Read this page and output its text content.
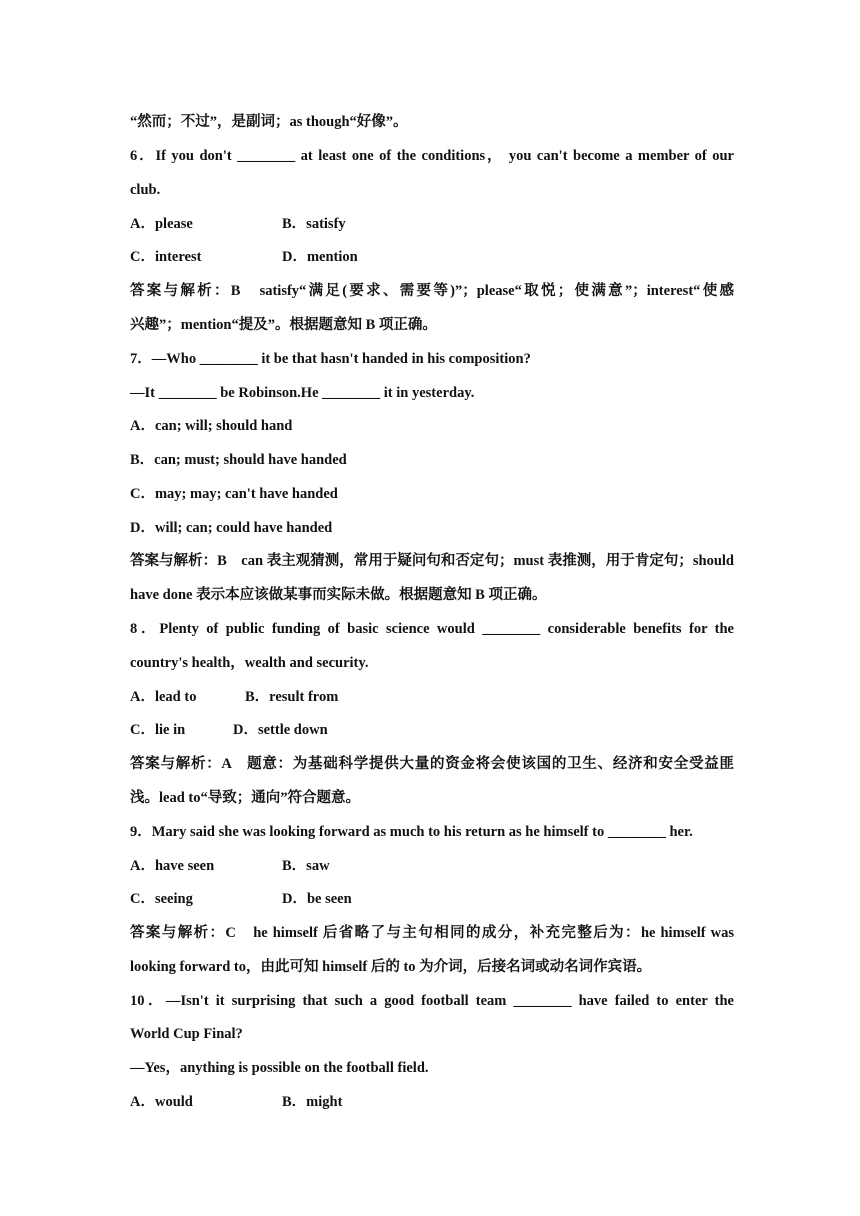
“然而；不过”，是副词；as though“好像”。
6．If you don't ________ at least one of the conditions， you can't become a member of our
club.
A．please	B．satisfy
C．interest	D．mention
答案与解析：B　satisfy“满足(要求、需要等)”；please“取悦；使满意”；interest“使感
兴趣”；mention“提及”。根据题意知 B 项正确。
7．—Who ________ it be that hasn't handed in his composition?
—It ________ be Robinson.He ________ it in yesterday.
A．can; will; should hand
B．can; must; should have handed
C．may; may; can't have handed
D．will; can; could have handed
答案与解析：B　can 表主观猜测，常用于疑问句和否定句；must 表推测，用于肯定句；should
have done 表示本应该做某事而实际未做。根据题意知 B 项正确。
8．Plenty of public funding of basic science would ________ considerable benefits for the
country's health，wealth and security.
A．lead to	B．result from
C．lie in	D．settle down
答案与解析：A　题意：为基础科学提供大量的资金将会使该国的卫生、经济和安全受益匪
浅。lead to“导致；通向”符合题意。
9．Mary said she was looking forward as much to his return as he himself to ________ her.
A．have seen	B．saw
C．seeing	D．be seen
答案与解析：C　he himself 后省略了与主句相同的成分，补充完整后为：he himself was
looking forward to，由此可知 himself 后的 to 为介词，后接名词或动名词作宾语。
10．—Isn't it surprising that such a good football team ________ have failed to enter the
World Cup Final?
—Yes，anything is possible on the football field.
A．would	B．might
